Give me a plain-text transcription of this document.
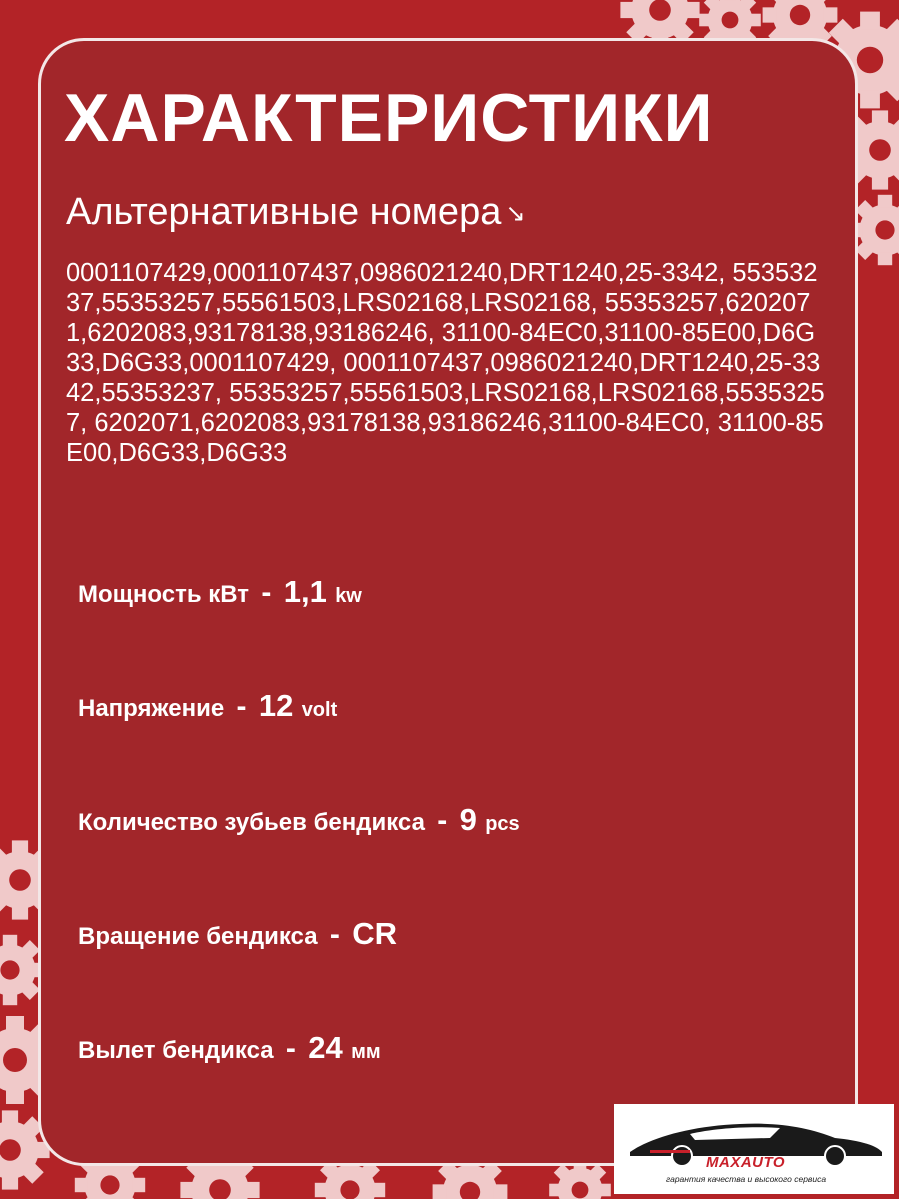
ХАРАКТЕРИСТИКИ

Альтернативные номера ↘

0001107429,0001107437,0986021240,DRT1240,25-3342, 55353237,55353257,55561503,LRS02168,LRS02168, 55353257,6202071,6202083,93178138,93186246, 31100-84EC0,31100-85E00,D6G33,D6G33,0001107429, 0001107437,0986021240,DRT1240,25-3342,55353237, 55353257,55561503,LRS02168,LRS02168,55353257, 6202071,6202083,93178138,93186246,31100-84EC0, 31100-85E00,D6G33,D6G33

Мощность кВт - 1,1 kw

Напряжение - 12 volt

Количество зубьев бендикса - 9 pcs

Вращение бендикса - CR

Вылет бендикса - 24 мм

MAXAUTO
гарантия качества и высокого сервиса
